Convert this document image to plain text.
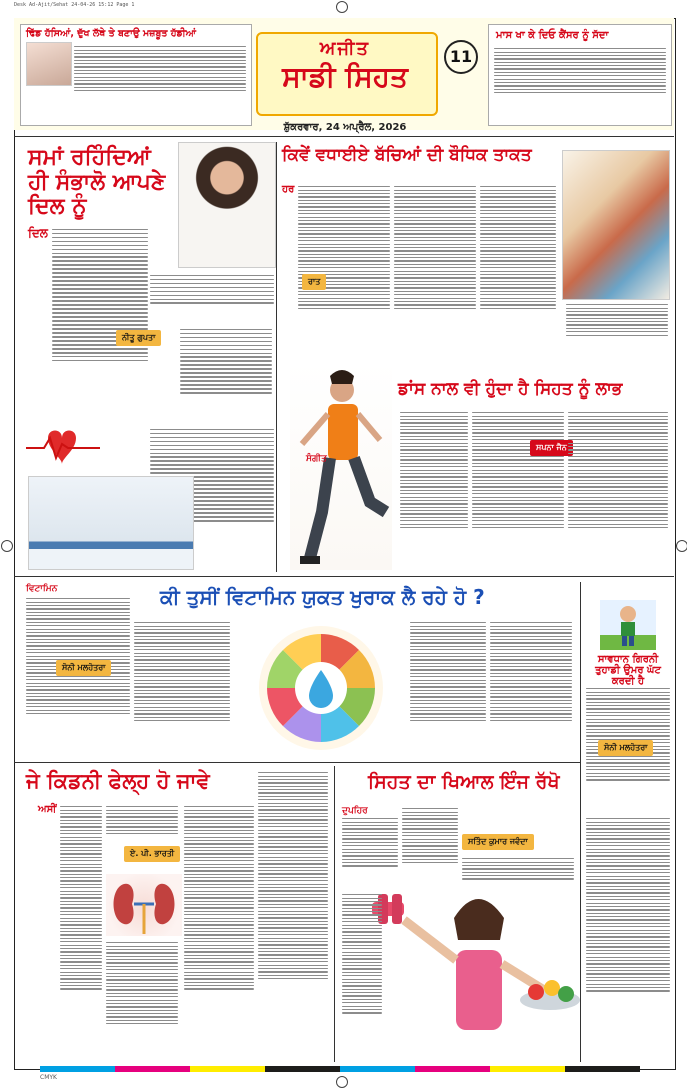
Desk Ad-Ajit/Sehat 24-04-26 15:12 Page 1
ਢਿੱਡ ਹੱਸਿਆਂ, ਦੁੱਖ ਲੱਥੇ ਤੇ ਬਣਾਉ ਮਜ਼ਬੂਤ ਹੱਡੀਆਂ
ਅਜੀਤ
ਸਾਡੀ ਸਿਹਤ
11
ਸ਼ੁੱਕਰਵਾਰ, 24 ਅਪ੍ਰੈਲ, 2026
ਮਾਸ ਖਾ ਕੇ ਦਿਓ ਕੈਂਸਰ ਨੂੰ ਸੱਦਾ
ਸਮਾਂ ਰਹਿੰਦਿਆਂ ਹੀ ਸੰਭਾਲੋ ਆਪਣੇ ਦਿਲ ਨੂੰ
ਦਿਲ
ਨੀਤੂ ਗੁਪਤਾ
ਕਿਵੇਂ ਵਧਾਈਏ ਬੱਚਿਆਂ ਦੀ ਬੌਧਿਕ ਤਾਕਤ
ਹਰ
ਰਾਤ
ਡਾਂਸ ਨਾਲ ਵੀ ਹੁੰਦਾ ਹੈ ਸਿਹਤ ਨੂੰ ਲਾਭ
ਸੰਗੀਤ
ਸਪਨਾ ਜੈਨ
ਵਿਟਾਮਿਨ	ਕੀ ਤੁਸੀਂ ਵਿਟਾਮਿਨ ਯੁਕਤ ਖੁਰਾਕ ਲੈ ਰਹੇ ਹੋ ?
ਸੋਨੀ ਮਲਹੋਤਰਾ
ਸਾਵਧਾਨ ਗਿਰਨੀ ਤੁਹਾਡੀ ਉਮਰ ਘੱਟ ਕਰਦੀ ਹੈ
ਸੋਨੀ ਮਲਹੋਤਰਾ
ਜੇ ਕਿਡਨੀ ਫੇਲ੍ਹ ਹੋ ਜਾਵੇ
ਅਸੀਂ
ਏ. ਪੀ. ਭਾਰਤੀ
ਸਿਹਤ ਦਾ ਖਿਆਲ ਇੰਜ ਰੱਖੋ
ਦੁਪਹਿਰ
ਸਤਿੰਦ ਕੁਮਾਰ ਜਵੰਦਾ
CMYK
